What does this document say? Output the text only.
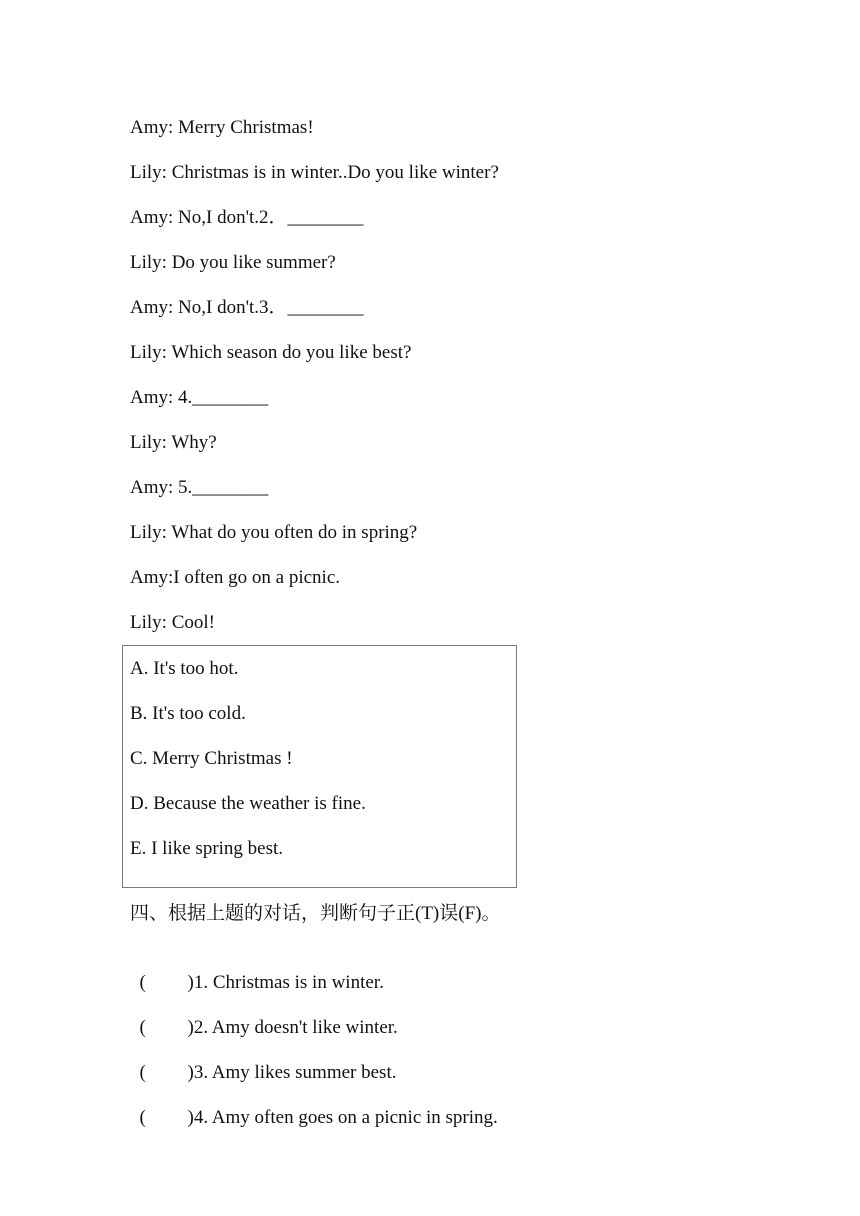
Amy: Merry Christmas!
Lily: Christmas is in winter..Do you like winter?
Amy: No,I don't.2．________
Lily: Do you like summer?
Amy: No,I don't.3．________
Lily: Which season do you like best?
Amy: 4.________
Lily: Why?
Amy: 5.________
Lily: What do you often do in spring?
Amy:I often go on a picnic.
Lily: Cool!
A. It's too hot.
B. It's too cold.
C. Merry Christmas !
D. Because the weather is fine.
E. I like spring best.
四、根据上题的对话，判断句子正(T)误(F)。

( )1. Christmas is in winter.

( )2. Amy doesn't like winter.

( )3. Amy likes summer best.

( )4. Amy often goes on a picnic in spring.
